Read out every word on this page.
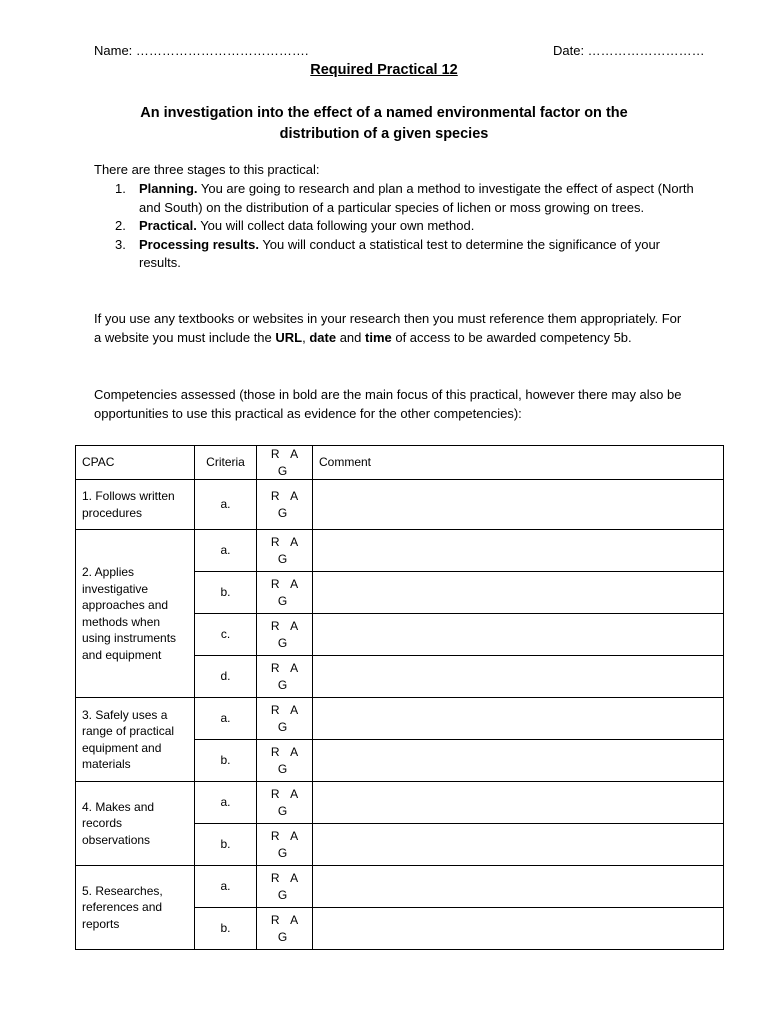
Name: ………………………………….	Date: ………………………
Required Practical 12
An investigation into the effect of a named environmental factor on the distribution of a given species
There are three stages to this practical:
1. Planning. You are going to research and plan a method to investigate the effect of aspect (North and South) on the distribution of a particular species of lichen or moss growing on trees.
2. Practical. You will collect data following your own method.
3. Processing results. You will conduct a statistical test to determine the significance of your results.
If you use any textbooks or websites in your research then you must reference them appropriately. For a website you must include the URL, date and time of access to be awarded competency 5b.
Competencies assessed (those in bold are the main focus of this practical, however there may also be opportunities to use this practical as evidence for the other competencies):
CPAC	Criteria	R A G	Comment
1. Follows written procedures	a.	R A G	
2. Applies investigative approaches and methods when using instruments and equipment	a.	R A G	
	b.	R A G	
	c.	R A G	
	d.	R A G	
3. Safely uses a range of practical equipment and materials	a.	R A G	
	b.	R A G	
4. Makes and records observations	a.	R A G	
	b.	R A G	
5. Researches, references and reports	a.	R A G	
	b.	R A G	
